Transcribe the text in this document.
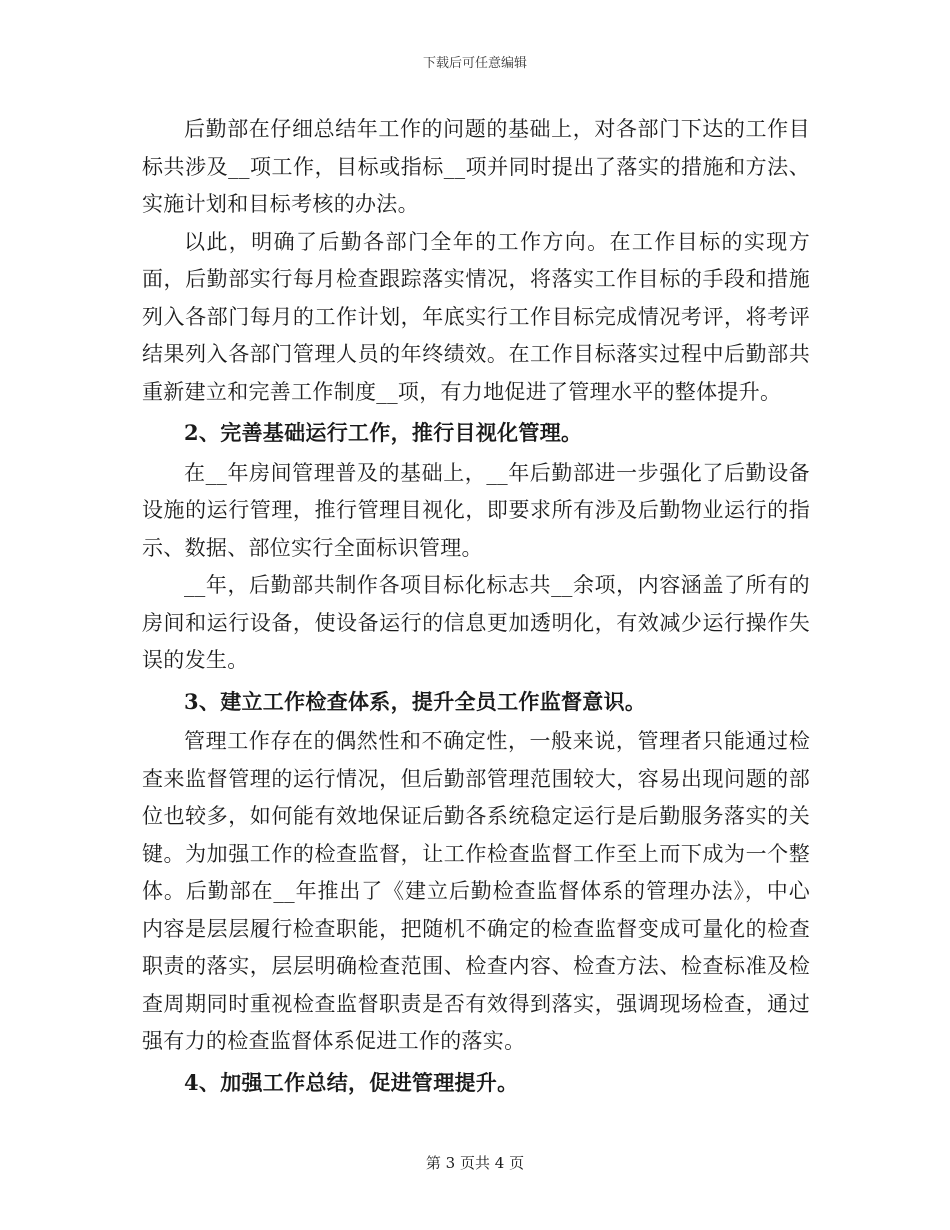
下载后可任意编辑

后勤部在仔细总结年工作的问题的基础上，对各部门下达的工作目标共涉及__项工作，目标或指标__项并同时提出了落实的措施和方法、实施计划和目标考核的办法。

以此，明确了后勤各部门全年的工作方向。在工作目标的实现方面，后勤部实行每月检查跟踪落实情况，将落实工作目标的手段和措施列入各部门每月的工作计划，年底实行工作目标完成情况考评，将考评结果列入各部门管理人员的年终绩效。在工作目标落实过程中后勤部共重新建立和完善工作制度__项，有力地促进了管理水平的整体提升。

2、完善基础运行工作，推行目视化管理。

在__年房间管理普及的基础上，__年后勤部进一步强化了后勤设备设施的运行管理，推行管理目视化，即要求所有涉及后勤物业运行的指示、数据、部位实行全面标识管理。

__年，后勤部共制作各项目标化标志共__余项，内容涵盖了所有的房间和运行设备，使设备运行的信息更加透明化，有效减少运行操作失误的发生。

3、建立工作检查体系，提升全员工作监督意识。

管理工作存在的偶然性和不确定性，一般来说，管理者只能通过检查来监督管理的运行情况，但后勤部管理范围较大，容易出现问题的部位也较多，如何能有效地保证后勤各系统稳定运行是后勤服务落实的关键。为加强工作的检查监督，让工作检查监督工作至上而下成为一个整体。后勤部在__年推出了《建立后勤检查监督体系的管理办法》，中心内容是层层履行检查职能，把随机不确定的检查监督变成可量化的检查职责的落实，层层明确检查范围、检查内容、检查方法、检查标准及检查周期同时重视检查监督职责是否有效得到落实，强调现场检查，通过强有力的检查监督体系促进工作的落实。

4、加强工作总结，促进管理提升。

第 3 页共 4 页
